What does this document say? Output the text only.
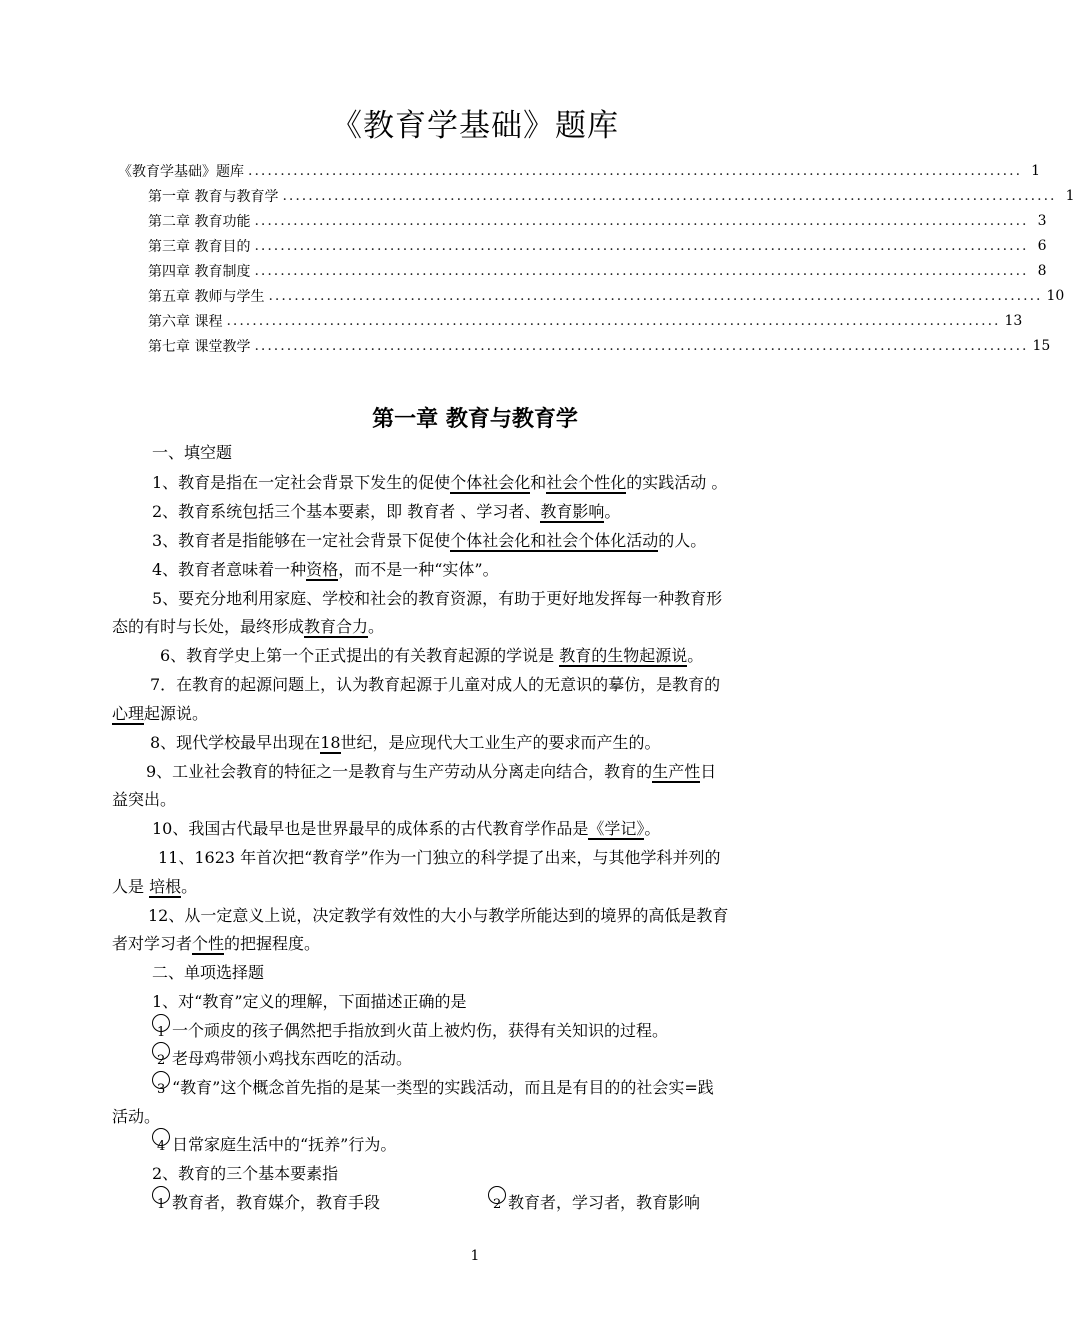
《教育学基础》题库
《教育学基础》题库 ........................................................................................................................ 1
第一章 教育与教育学 ........................................................................................................................ 1
第二章 教育功能 ........................................................................................................................ 3
第三章 教育目的 ........................................................................................................................ 6
第四章 教育制度 ........................................................................................................................ 8
第五章 教师与学生 ........................................................................................................................ 10
第六章 课程 ........................................................................................................................ 13
第七章 课堂教学 ........................................................................................................................ 15
第一章 教育与教育学
一、填空题
1、教育是指在一定社会背景下发生的促使个体社会化和社会个性化的实践活动 。
2、教育系统包括三个基本要素，即 教育者 、学习者、教育影响。
3、教育者是指能够在一定社会背景下促使个体社会化和社会个体化活动的人。
4、教育者意味着一种资格，而不是一种“实体”。
5、要充分地利用家庭、学校和社会的教育资源，有助于更好地发挥每一种教育形
态的有时与长处，最终形成教育合力。
6、教育学史上第一个正式提出的有关教育起源的学说是 教育的生物起源说。
7．在教育的起源问题上，认为教育起源于儿童对成人的无意识的摹仿，是教育的
心理起源说。
8、现代学校最早出现在18世纪，是应现代大工业生产的要求而产生的。
9、工业社会教育的特征之一是教育与生产劳动从分离走向结合，教育的生产性日
益突出。
10、我国古代最早也是世界最早的成体系的古代教育学作品是《学记》。
11、1623 年首次把“教育学”作为一门独立的科学提了出来，与其他学科并列的
人是 培根。
12、从一定意义上说，决定教学有效性的大小与教学所能达到的境界的高低是教育
者对学习者个性的把握程度。
二、单项选择题
1、对“教育”定义的理解，下面描述正确的是
1 一个顽皮的孩子偶然把手指放到火苗上被灼伤，获得有关知识的过程。
2 老母鸡带领小鸡找东西吃的活动。
3 “教育”这个概念首先指的是某一类型的实践活动，而且是有目的的社会实=践
活动。
4 日常家庭生活中的“抚养”行为。
2、教育的三个基本要素指
1 教育者，教育媒介，教育手段	2 教育者，学习者，教育影响
1
